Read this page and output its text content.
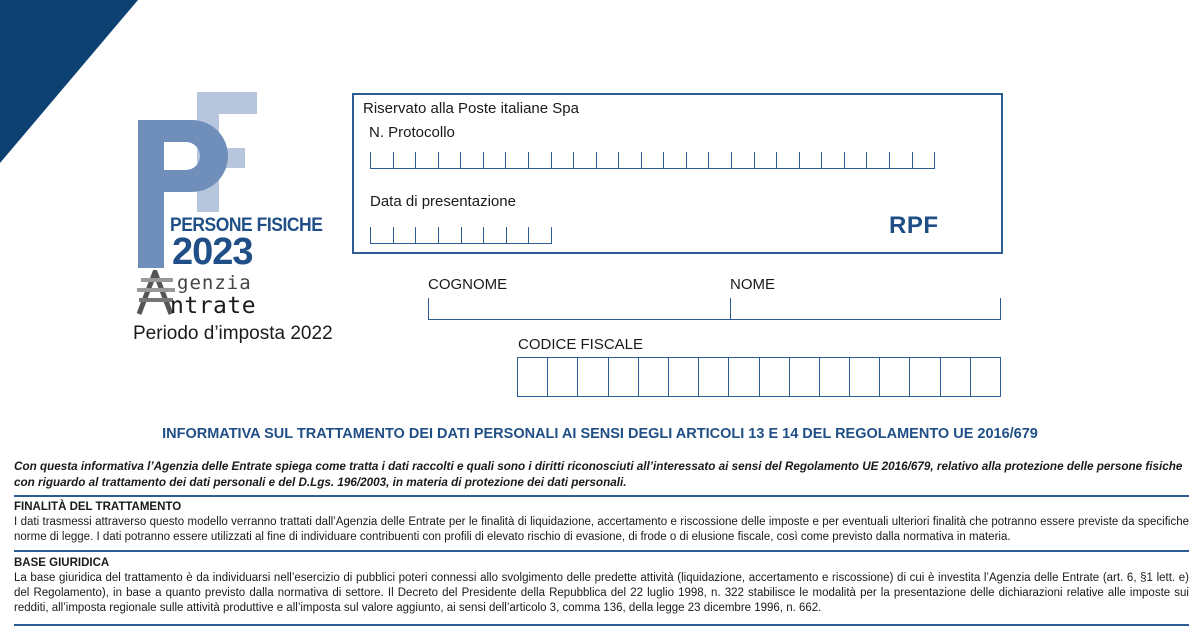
PERSONE FISICHE
2023
genzia
ntrate
Periodo d’imposta 2022
Riservato alla Poste italiane Spa
N. Protocollo
Data di presentazione
RPF
COGNOME	NOME
CODICE FISCALE
INFORMATIVA SUL TRATTAMENTO DEI DATI PERSONALI AI SENSI DEGLI ARTICOLI 13 E 14 DEL REGOLAMENTO UE 2016/679
Con questa informativa l’Agenzia delle Entrate spiega come tratta i dati raccolti e quali sono i diritti riconosciuti all’interessato ai sensi del Regolamento UE 2016/679, relativo alla protezione delle persone fisiche con riguardo al trattamento dei dati personali e del D.Lgs. 196/2003, in materia di protezione dei dati personali.
FINALITÀ DEL TRATTAMENTO
I dati trasmessi attraverso questo modello verranno trattati dall’Agenzia delle Entrate per le finalità di liquidazione, accertamento e riscossione delle imposte e per eventuali ulteriori finalità che potranno essere previste da specifiche norme di legge. I dati potranno essere utilizzati al fine di individuare contribuenti con profili di elevato rischio di evasione, di frode o di elusione fiscale, così come previsto dalla normativa in materia.
BASE GIURIDICA
La base giuridica del trattamento è da individuarsi nell’esercizio di pubblici poteri connessi allo svolgimento delle predette attività (liquidazione, accertamento e riscossione) di cui è investita l’Agenzia delle Entrate (art. 6, §1 lett. e) del Regolamento), in base a quanto previsto dalla normativa di settore. Il Decreto del Presidente della Repubblica del 22 luglio 1998, n. 322 stabilisce le modalità per la presentazione delle dichiarazioni relative alle imposte sui redditi, all’imposta regionale sulle attività produttive e all’imposta sul valore aggiunto, ai sensi dell’articolo 3, comma 136, della legge 23 dicembre 1996, n. 662.
